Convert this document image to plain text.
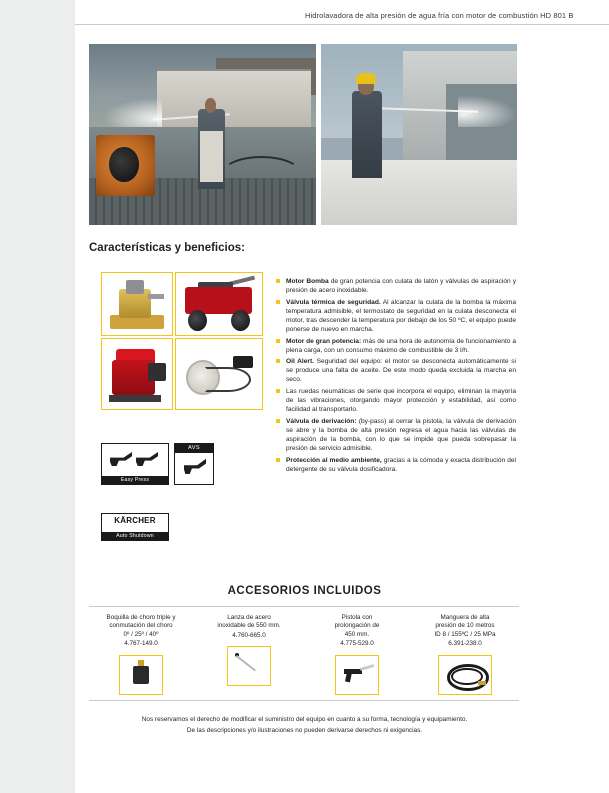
Hidrolavadora de alta presión de agua fría con motor de combustión HD 801 B
Características y beneficios:
Easy Press
AVS
KÄRCHER
Auto Shutdown
Motor Bomba de gran potencia con culata de latón y válvulas de aspiración y presión de acero inoxidable.
Válvula térmica de seguridad. Al alcanzar la culata de la bomba la máxima temperatura admisible, el termostato de seguridad en la culata desconecta el motor, tras descender la temperatura por debajo de los 50 ºC, el equipo puede ponerse de nuevo en marcha.
Motor de gran potencia: más de una hora de autonomía de funcionamiento a plena carga, con un consumo máximo de combustible de 3 l/h.
Oil Alert. Seguridad del equipo: el motor se desconecta automáticamente si se produce una falta de aceite. De este modo queda excluida la marcha en seco.
Las ruedas neumáticas de serie que incorpora el equipo, eliminan la mayoría de las vibraciones, otorgando mayor protección y estabilidad, así como facilidad al transportarlo.
Válvula de derivación: (by-pass) al cerrar la pistola, la válvula de derivación se abre y la bomba de alta presión regresa el agua hacia las válvulas de aspiración de la bomba, con lo que se impide que pueda sobrepasar la presión de servicio admisible.
Protección al medio ambiente, gracias a la cómoda y exacta distribución del detergente de su válvula dosificadora.
ACCESORIOS INCLUIDOS
Boquilla de choro triple y
conmutación del choro
0º / 25º / 40º
4.767-149.0
Lanza de acero
inoxidable de 550 mm.
4.760-665.0
Pistola con
prolongación de
450 mm.
4.775-529.0
Manguera de alta
presión de 10 metros
ID 8 / 155ºC / 25 MPa
6.391-238.0
Nos reservamos el derecho de modificar el suministro del equipo en cuanto a su forma, tecnología y equipamiento.
De las descripciones y/o ilustraciones no pueden derivarse derechos ni exigencias.
